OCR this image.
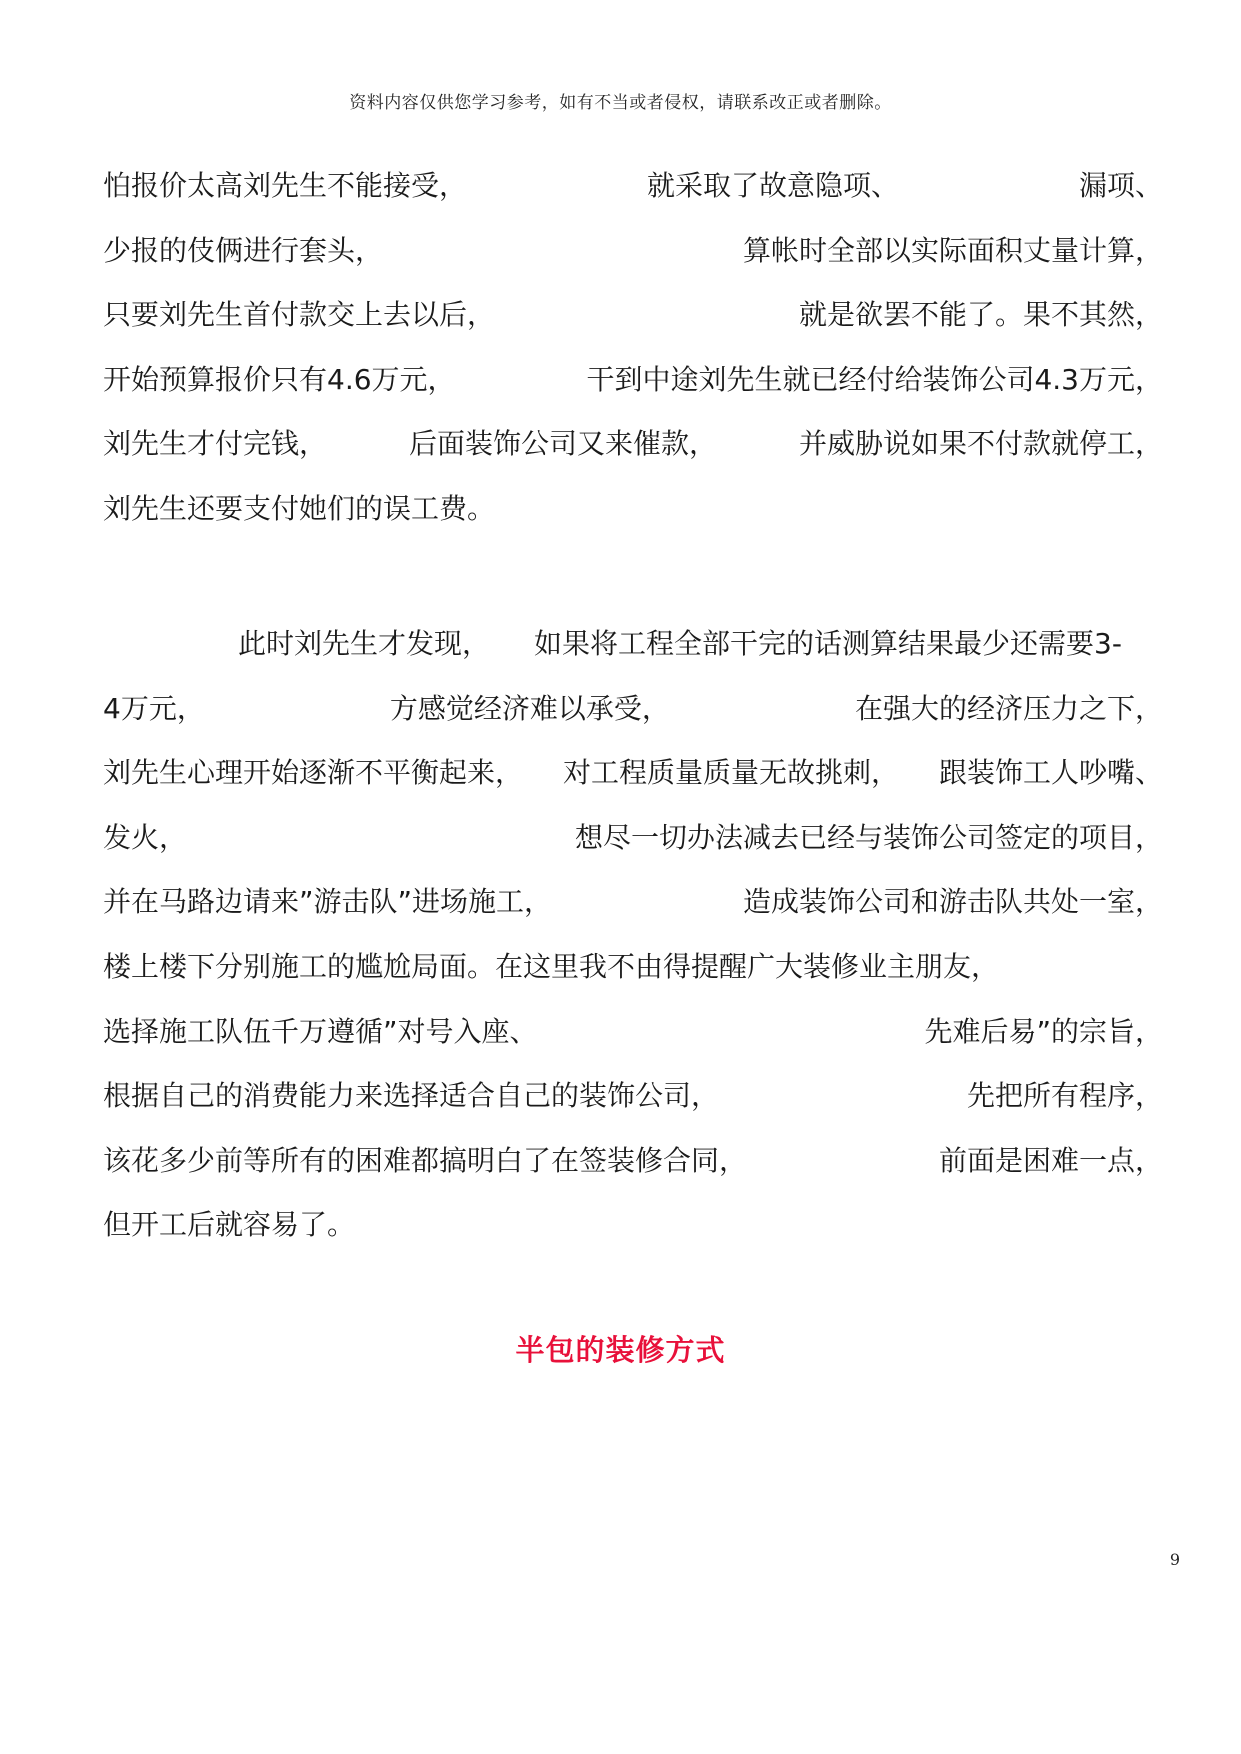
资料内容仅供您学习参考，如有不当或者侵权，请联系改正或者删除。
怕报价太高刘先生不能接受，	就采取了故意隐项、	漏项、
少报的伎俩进行套头，	算帐时全部以实际面积丈量计算，
只要刘先生首付款交上去以后，	就是欲罢不能了。果不其然，
开始预算报价只有4.6万元，	干到中途刘先生就已经付给装饰公司4.3万元，
刘先生才付完钱，	后面装饰公司又来催款，	并威胁说如果不付款就停工，
刘先生还要支付她们的误工费。
此时刘先生才发现， 如果将工程全部干完的话测算结果最少还需要3-
4万元，	方感觉经济难以承受，	在强大的经济压力之下，
刘先生心理开始逐渐不平衡起来， 对工程质量质量无故挑刺， 跟装饰工人吵嘴、
发火，	想尽一切办法减去已经与装饰公司签定的项目，
并在马路边请来”游击队”进场施工，	造成装饰公司和游击队共处一室，
楼上楼下分别施工的尴尬局面。在这里我不由得提醒广大装修业主朋友，
选择施工队伍千万遵循”对号入座、	先难后易”的宗旨，
根据自己的消费能力来选择适合自己的装饰公司，	先把所有程序，
该花多少前等所有的困难都搞明白了在签装修合同，	前面是困难一点，
但开工后就容易了。
半包的装修方式
9
